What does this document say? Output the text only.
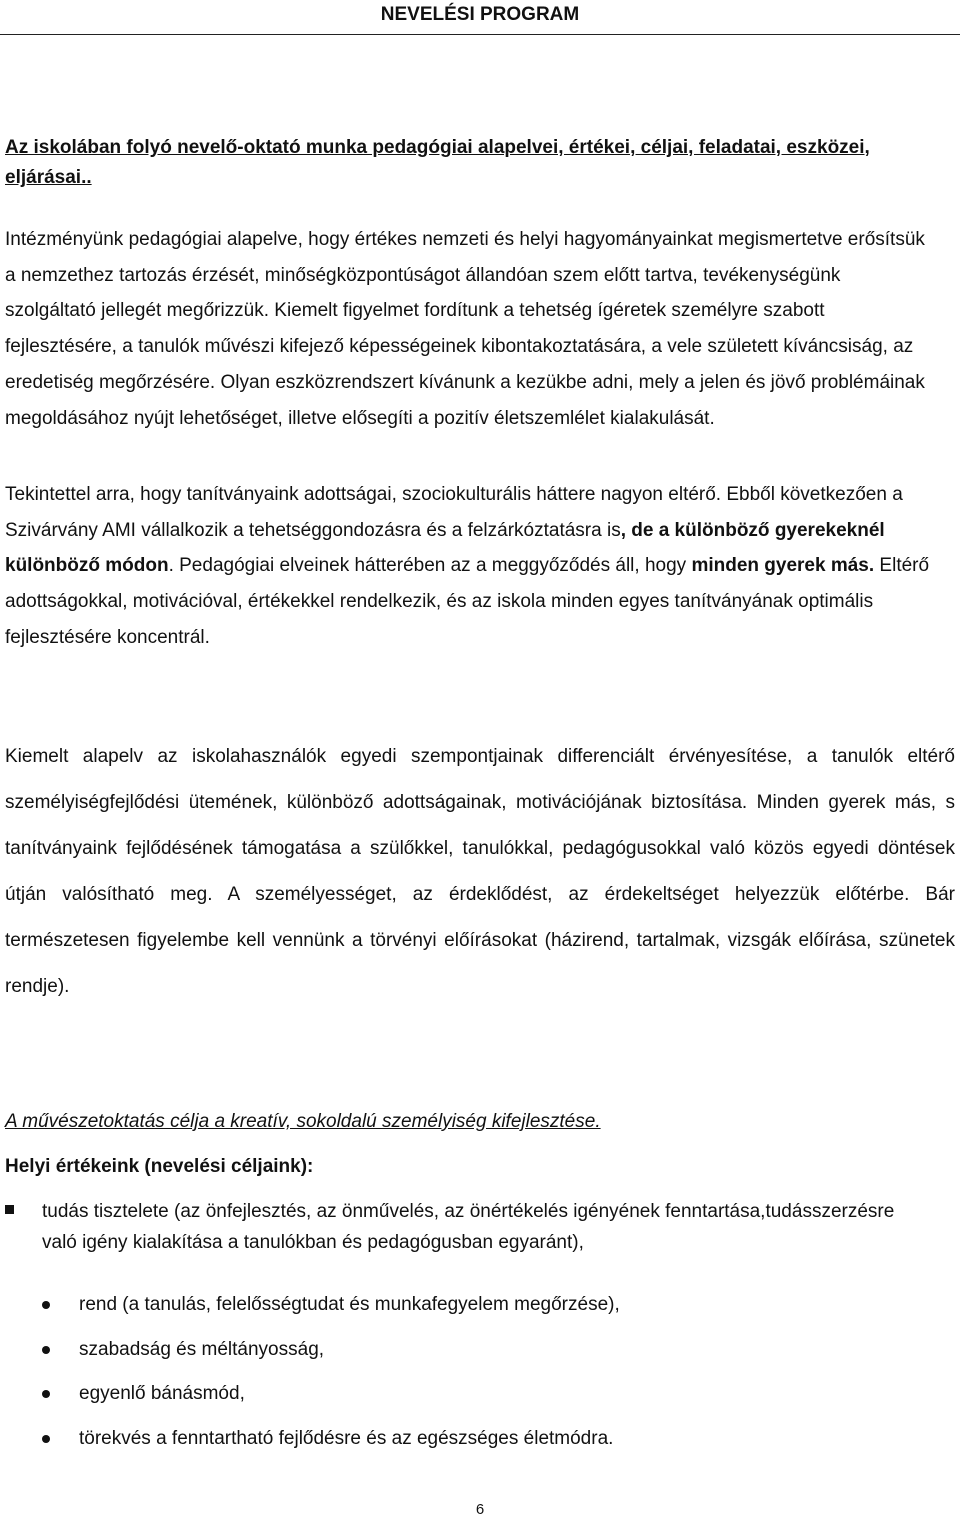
NEVELÉSI PROGRAM
Az iskolában folyó nevelő-oktató munka pedagógiai alapelvei, értékei, céljai, feladatai, eszközei, eljárásai..
Intézményünk pedagógiai alapelve, hogy értékes nemzeti és helyi hagyományainkat megismertetve erősítsük a nemzethez tartozás érzését, minőségközpontúságot állandóan szem előtt tartva, tevékenységünk szolgáltató jellegét megőrizzük. Kiemelt figyelmet fordítunk a tehetség ígéretek személyre szabott fejlesztésére, a tanulók művészi kifejező képességeinek kibontakoztatására, a vele született kíváncsiság, az eredetiség megőrzésére. Olyan eszközrendszert kívánunk a kezükbe adni, mely a jelen és jövő problémáinak megoldásához nyújt lehetőséget, illetve elősegíti a pozitív életszemlélet kialakulását.
Tekintettel arra, hogy tanítványaink adottságai, szociokulturális háttere nagyon eltérő. Ebből következően a Szivárvány AMI vállalkozik a tehetséggondozásra és a felzárkóztatásra is, de a különböző gyerekeknél különböző módon. Pedagógiai elveinek hátterében az a meggyőződés áll, hogy minden gyerek más. Eltérő adottságokkal, motivációval, értékekkel rendelkezik, és az iskola minden egyes tanítványának optimális fejlesztésére koncentrál.
Kiemelt alapelv az iskolahasználók egyedi szempontjainak differenciált érvényesítése, a tanulók eltérő személyiségfejlődési ütemének, különböző adottságainak, motivációjának biztosítása. Minden gyerek más, s tanítványaink fejlődésének támogatása a szülőkkel, tanulókkal, pedagógusokkal való közös egyedi döntések útján valósítható meg. A személyességet, az érdeklődést, az érdekeltséget helyezzük előtérbe. Bár természetesen figyelembe kell vennünk a törvényi előírásokat (házirend, tartalmak, vizsgák előírása, szünetek rendje).
A művészetoktatás célja a kreatív, sokoldalú személyiség kifejlesztése.
Helyi értékeink (nevelési céljaink):
tudás tisztelete (az önfejlesztés, az önművelés, az önértékelés igényének fenntartása,tudásszerzésre való igény kialakítása a tanulókban és pedagógusban egyaránt),
rend (a tanulás, felelősségtudat és munkafegyelem megőrzése),
szabadság és méltányosság,
egyenlő bánásmód,
törekvés a fenntartható fejlődésre és az egészséges életmódra.
6
